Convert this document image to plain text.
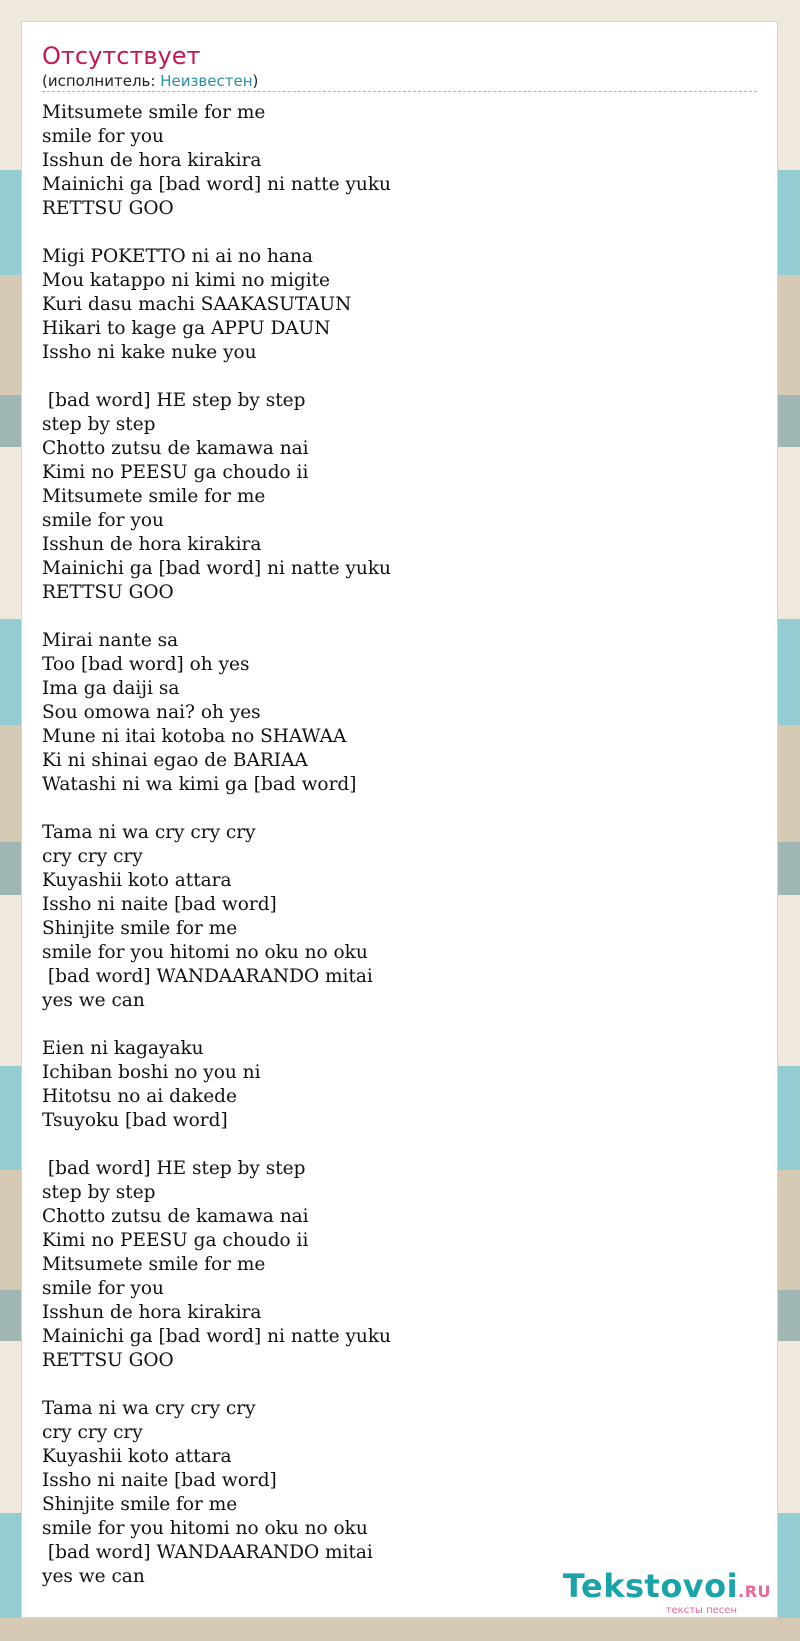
Отсутствует
(исполнитель: Неизвестен)
Mitsumete smile for me
smile for you
Isshun de hora kirakira
Mainichi ga [bad word] ni natte yuku
RETTSU GOO
Migi POKETTO ni ai no hana
Mou katappo ni kimi no migite
Kuri dasu machi SAAKASUTAUN
Hikari to kage ga APPU DAUN
Issho ni kake nuke you
[bad word] HE step by step
step by step
Chotto zutsu de kamawa nai
Kimi no PEESU ga choudo ii
Mitsumete smile for me
smile for you
Isshun de hora kirakira
Mainichi ga [bad word] ni natte yuku
RETTSU GOO
Mirai nante sa
Too [bad word] oh yes
Ima ga daiji sa
Sou omowa nai? oh yes
Mune ni itai kotoba no SHAWAA
Ki ni shinai egao de BARIAA
Watashi ni wa kimi ga [bad word]
Tama ni wa cry cry cry
cry cry cry
Kuyashii koto attara
Issho ni naite [bad word]
Shinjite smile for me
smile for you hitomi no oku no oku
[bad word] WANDAARANDO mitai
yes we can
Eien ni kagayaku
Ichiban boshi no you ni
Hitotsu no ai dakede
Tsuyoku [bad word]
[bad word] HE step by step
step by step
Chotto zutsu de kamawa nai
Kimi no PEESU ga choudo ii
Mitsumete smile for me
smile for you
Isshun de hora kirakira
Mainichi ga [bad word] ni natte yuku
RETTSU GOO
Tama ni wa cry cry cry
cry cry cry
Kuyashii koto attara
Issho ni naite [bad word]
Shinjite smile for me
smile for you hitomi no oku no oku
[bad word] WANDAARANDO mitai
yes we can	Tekstovoi.RU
тексты песен
